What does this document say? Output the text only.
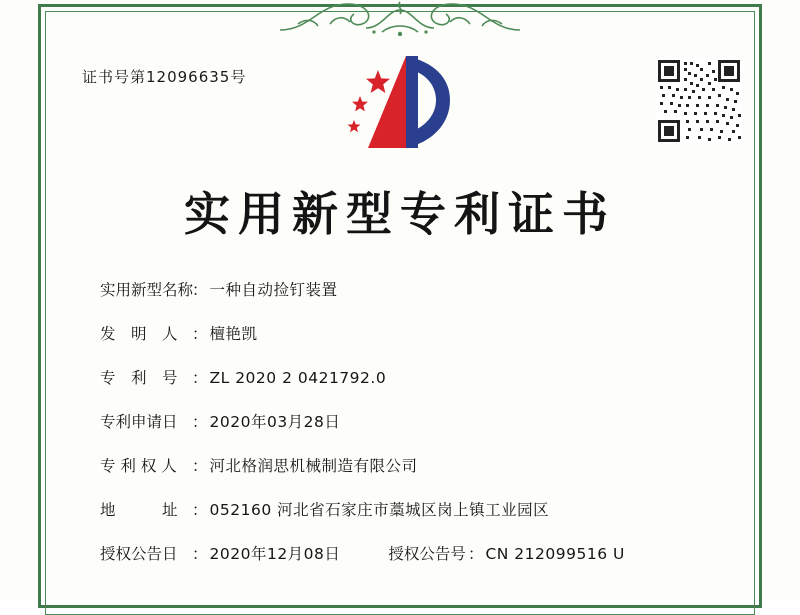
证书号第12096635号
实用新型专利证书
实用新型名称
： 一种自动捡钉装置
发　明　人 ： 檀艳凯
专　利　号 ： ZL 2020 2 0421792.0
专利申请日 ： 2020年03月28日
专 利 权 人 ： 河北格润思机械制造有限公司
地　　　址 ： 052160 河北省石家庄市藁城区岗上镇工业园区
授权公告日 ： 2020年12月08日	授权公告号 ： CN 212099516 U
